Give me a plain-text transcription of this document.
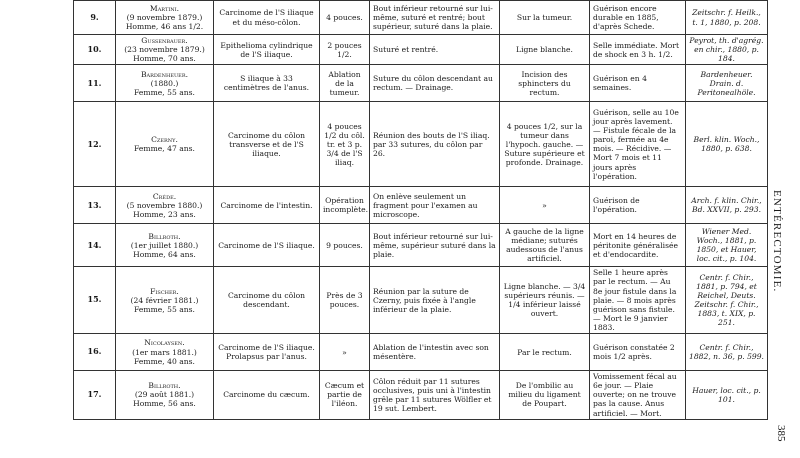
9.	Martini.
(9 novembre 1879.)
Homme, 46 ans 1/2.	Carcinome de l'S iliaque et du méso-côlon.	4 pouces.	Bout inférieur retourné sur lui-même, suturé et rentré; bout supérieur, suturé dans la plaie.	Sur la tumeur.	Guérison encore durable en 1885, d'après Schede.	Zeitschr. f. Heilk., t. 1, 1880, p. 208.
10.	Gussenbauer.
(23 novembre 1879.)
Homme, 70 ans.	Epithelioma cylindrique de l'S iliaque.	2 pouces 1/2.	Suturé et rentré.	Ligne blanche.	Selle immédiate. Mort de shock en 3 h. 1/2.	Peyrot, th. d'agrég. en chir., 1880, p. 184.
11.	Bardenheuer.
(1880.)
Femme, 55 ans.	S iliaque à 33 centimètres de l'anus.	Ablation de la tumeur.	Suture du côlon descendant au rectum. — Drainage.	Incision des sphincters du rectum.	Guérison en 4 semaines.	Bardenheuer. Drain. d. Peritonealhöle.
12.	Czerny.
Femme, 47 ans.	Carcinome du côlon transverse et de l'S iliaque.	4 pouces 1/2 du côl. tr. et 3 p. 3/4 de l'S iliaq.	Réunion des bouts de l'S iliaq. par 33 sutures, du côlon par 26.	4 pouces 1/2, sur la tumeur dans l'hypoch. gauche. — Suture supérieure et profonde. Drainage.	Guérison, selle au 10e jour après lavement. — Fistule fécale de la paroi, fermée au 4e mois. — Récidive. — Mort 7 mois et 11 jours après l'opération.	Berl. klin. Woch., 1880, p. 638.
13.	Créde.
(5 novembre 1880.)
Homme, 23 ans.	Carcinome de l'intestin.	Opération incomplète.	On enlève seulement un fragment pour l'examen au microscope.	»	Guérison de l'opération.	Arch. f. klin. Chir., Bd. XXVII, p. 293.
14.	Billroth.
(1er juillet 1880.)
Homme, 64 ans.	Carcinome de l'S iliaque.	9 pouces.	Bout inférieur retourné sur lui-même, supérieur suturé dans la plaie.	A gauche de la ligne médiane; suturés audessous de l'anus artificiel.	Mort en 14 heures de péritonite généralisée et d'endocardite.	Wiener Med. Woch., 1881, p. 1850, et Hauer, loc. cit., p. 104.
15.	Fischer.
(24 février 1881.)
Femme, 55 ans.	Carcinome du côlon descendant.	Près de 3 pouces.	Réunion par la suture de Czerny, puis fixée à l'angle inférieur de la plaie.	Ligne blanche. — 3/4 supérieurs réunis. — 1/4 inférieur laissé ouvert.	Selle 1 heure après par le rectum. — Au 8e jour fistule dans la plaie. — 8 mois après guérison sans fistule. — Mort le 9 janvier 1883.	Centr. f. Chir., 1881, p. 794, et Reichel, Deuts. Zeitschr. f. Chir., 1883, t. XIX, p. 251.
16.	Nicolaysen.
(1er mars 1881.)
Femme, 40 ans.	Carcinome de l'S iliaque. Prolapsus par l'anus.	»	Ablation de l'intestin avec son mésentère.	Par le rectum.	Guérison constatée 2 mois 1/2 après.	Centr. f. Chir., 1882, n. 36, p. 599.
17.	Billroth.
(29 août 1881.)
Homme, 56 ans.	Carcinome du cæcum.	Cæcum et partie de l'iléon.	Côlon réduit par 11 sutures occlusives, puis uni à l'intestin grêle par 11 sutures Wölfler et 19 sut. Lembert.	De l'ombilic au milieu du ligament de Poupart.	Vomissement fécal au 6e jour. — Plaie ouverte; on ne trouve pas la cause. Anus artificiel. — Mort.	Hauer, loc. cit., p. 101.
ENTÉRECTOMIE.
385
